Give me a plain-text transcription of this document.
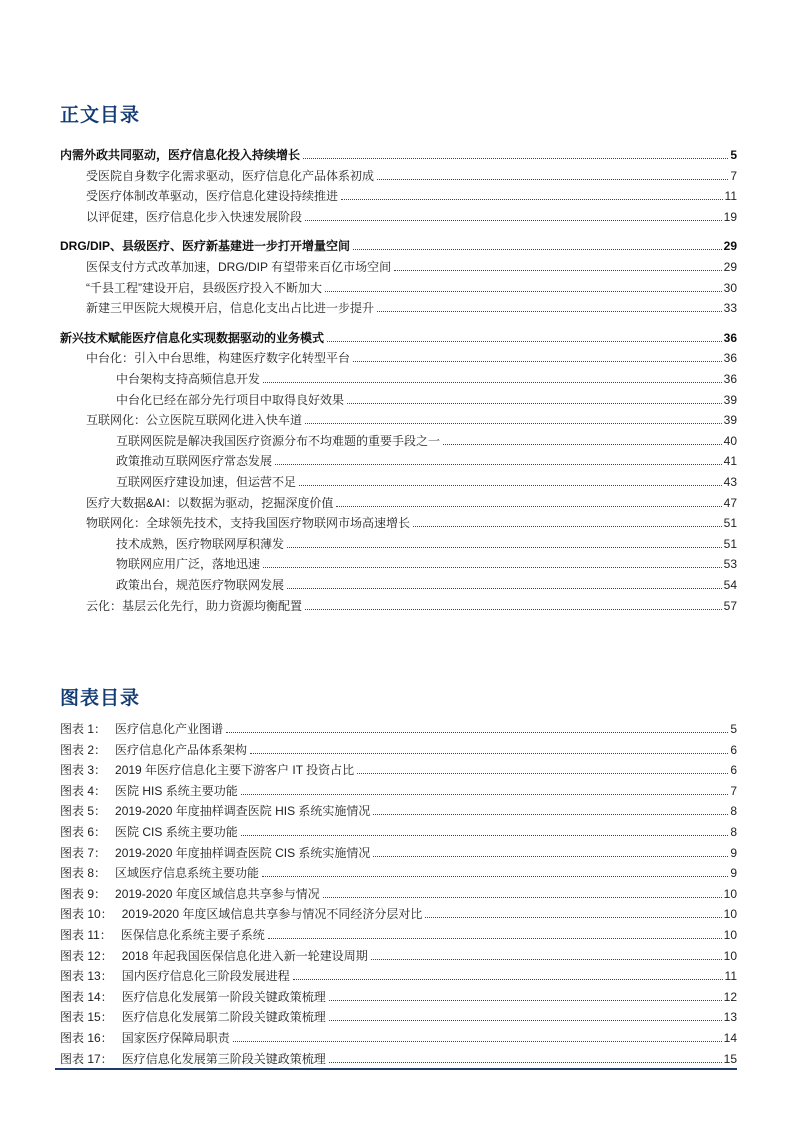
正文目录
内需外政共同驱动，医疗信息化投入持续增长	5
受医院自身数字化需求驱动，医疗信息化产品体系初成	7
受医疗体制改革驱动，医疗信息化建设持续推进	11
以评促建，医疗信息化步入快速发展阶段	19
DRG/DIP、县级医疗、医疗新基建进一步打开增量空间	29
医保支付方式改革加速，DRG/DIP 有望带来百亿市场空间	29
“千县工程”建设开启，县级医疗投入不断加大	30
新建三甲医院大规模开启，信息化支出占比进一步提升	33
新兴技术赋能医疗信息化实现数据驱动的业务模式	36
中台化：引入中台思维，构建医疗数字化转型平台	36
中台架构支持高频信息开发	36
中台化已经在部分先行项目中取得良好效果	39
互联网化：公立医院互联网化进入快车道	39
互联网医院是解决我国医疗资源分布不均难题的重要手段之一	40
政策推动互联网医疗常态发展	41
互联网医疗建设加速，但运营不足	43
医疗大数据&AI：以数据为驱动，挖掘深度价值	47
物联网化：全球领先技术，支持我国医疗物联网市场高速增长	51
技术成熟，医疗物联网厚积薄发	51
物联网应用广泛，落地迅速	53
政策出台，规范医疗物联网发展	54
云化：基层云化先行，助力资源均衡配置	57
图表目录
图表 1： 医疗信息化产业图谱	5
图表 2： 医疗信息化产品体系架构	6
图表 3： 2019 年医疗信息化主要下游客户 IT 投资占比	6
图表 4： 医院 HIS 系统主要功能	7
图表 5： 2019-2020 年度抽样调查医院 HIS 系统实施情况	8
图表 6： 医院 CIS 系统主要功能	8
图表 7： 2019-2020 年度抽样调查医院 CIS 系统实施情况	9
图表 8： 区域医疗信息系统主要功能	9
图表 9： 2019-2020 年度区域信息共享参与情况	10
图表 10： 2019-2020 年度区域信息共享参与情况不同经济分层对比	10
图表 11： 医保信息化系统主要子系统	10
图表 12： 2018 年起我国医保信息化进入新一轮建设周期	10
图表 13： 国内医疗信息化三阶段发展进程	11
图表 14： 医疗信息化发展第一阶段关键政策梳理	12
图表 15： 医疗信息化发展第二阶段关键政策梳理	13
图表 16： 国家医疗保障局职责	14
图表 17： 医疗信息化发展第三阶段关键政策梳理	15
